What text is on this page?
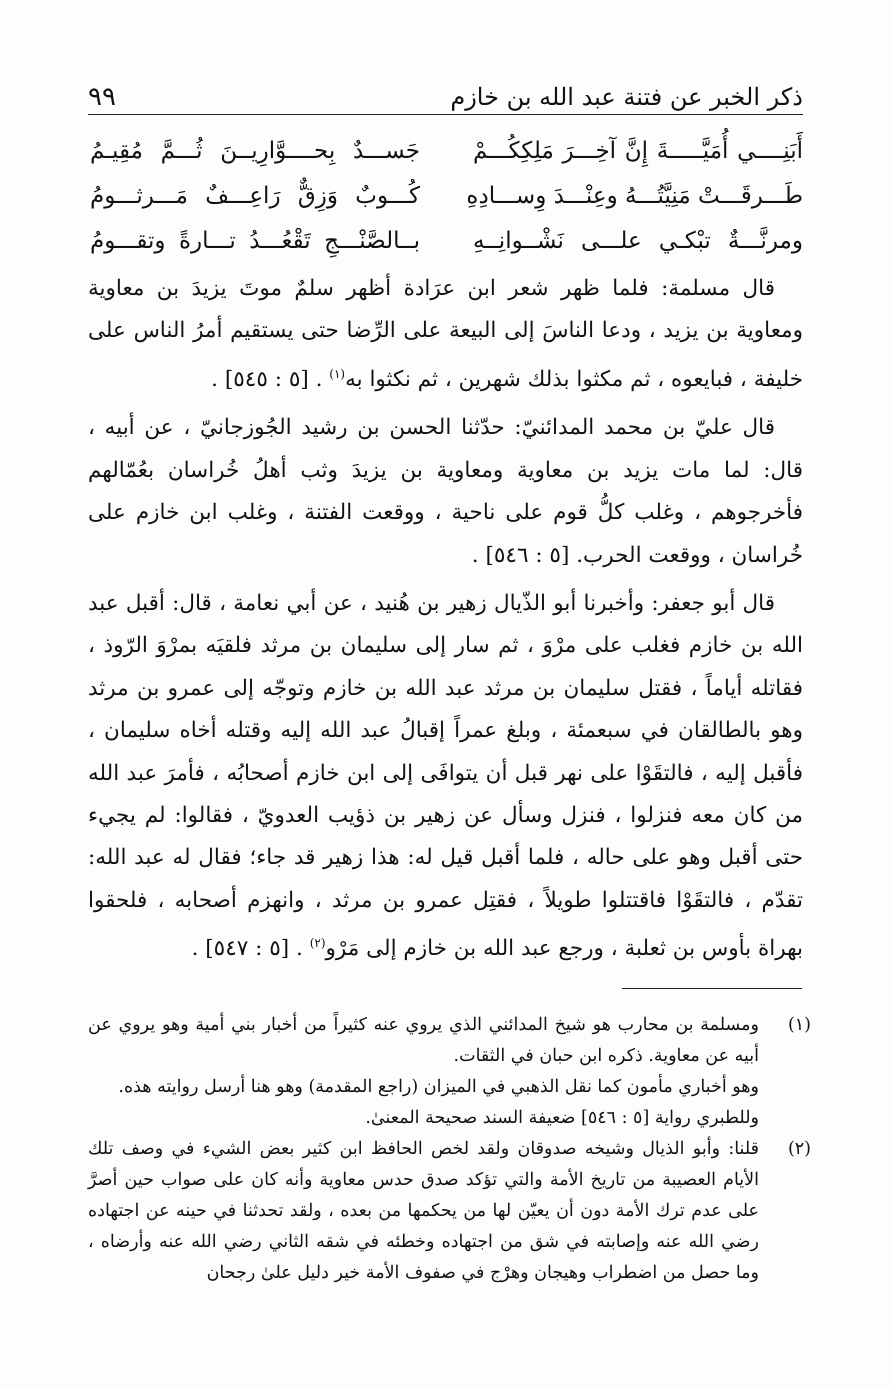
ذكر الخبر عن فتنة عبد الله بن خازم
٩٩
أَبَنِــــي أُمَيَّـــــةَ إِنَّ آخِـــرَ مَلِكِكُـــمْ
جَســـدٌ بِحــــوَّارِيــنَ ثُـــمَّ مُقِيـمُ
طَـــرقَـــتْ مَنِيَّتُـــهُ وعِنْـــدَ وِســـادِهِ
كُـــوبٌ وَزِقٌّ رَاعِـــفٌ مَـــرثـــومُ
ومرنَّـــةٌ تبْكـي علـــى نَشْــوانِــهِ
بــالصَّنْـــجِ تَقْعُـــدُ تـــارةً وتقـــومُ

قال مسلمة: فلما ظهر شعر ابن عرَادة أظهر سلمٌ موتَ يزيدَ بن معاوية ومعاوية بن يزيد ، ودعا الناسَ إلى البيعة على الرِّضا حتى يستقيم أمرُ الناس على خليفة ، فبايعوه ، ثم مكثوا بذلك شهرين ، ثم نكثوا به$^{(١)}$ . [٥ : ٥٤٥] .

قال عليّ بن محمد المدائنيّ: حدّثنا الحسن بن رشيد الجُوزجانيّ ، عن أبيه ، قال: لما مات يزيد بن معاوية ومعاوية بن يزيدَ وثب أهلُ خُراسان بعُمّالهم فأخرجوهم ، وغلب كلُّ قوم على ناحية ، ووقعت الفتنة ، وغلب ابن خازم على خُراسان ، ووقعت الحرب. [٥ : ٥٤٦] .

قال أبو جعفر: وأخبرنا أبو الذّيال زهير بن هُنيد ، عن أبي نعامة ، قال: أقبل عبد الله بن خازم فغلب على مرْوَ ، ثم سار إلى سليمان بن مرثد فلقيَه بمرْوَ الرّوذ ، فقاتله أياماً ، فقتل سليمان بن مرثد عبد الله بن خازم وتوجّه إلى عمرو بن مرثد وهو بالطالقان في سبعمئة ، وبلغ عمراً إقبالُ عبد الله إليه وقتله أخاه سليمان ، فأقبل إليه ، فالتقَوْا على نهر قبل أن يتوافَى إلى ابن خازم أصحابُه ، فأمرَ عبد الله من كان معه فنزلوا ، فنزل وسأل عن زهير بن ذؤيب العدويّ ، فقالوا: لم يجيء حتى أقبل وهو على حاله ، فلما أقبل قيل له: هذا زهير قد جاء؛ فقال له عبد الله: تقدّم ، فالتقَوْا فاقتتلوا طويلاً ، فقتِل عمرو بن مرثد ، وانهزم أصحابه ، فلحقوا بهراة بأوس بن ثعلبة ، ورجع عبد الله بن خازم إلى مَرْو$^{(٢)}$ . [٥ : ٥٤٧] .

(١)
ومسلمة بن محارب هو شيخ المدائني الذي يروي عنه كثيراً من أخبار بني أمية وهو يروي عن أبيه عن معاوية. ذكره ابن حبان في الثقات.
وهو أخباري مأمون كما نقل الذهبي في الميزان (راجع المقدمة) وهو هنا أرسل روايته هذه.
وللطبري رواية [٥ : ٥٤٦] ضعيفة السند صحيحة المعنىٰ.
(٢)
قلنا: وأبو الذيال وشيخه صدوقان ولقد لخص الحافظ ابن كثير بعض الشيء في وصف تلك الأيام العصيبة من تاريخ الأمة والتي تؤكد صدق حدس معاوية وأنه كان على صواب حين أصرَّ على عدم ترك الأمة دون أن يعيّن لها من يحكمها من بعده ، ولقد تحدثنا في حينه عن اجتهاده رضي الله عنه وإصابته في شق من اجتهاده وخطئه في شقه الثاني رضي الله عنه وأرضاه ، وما حصل من اضطراب وهيجان وهرْج في صفوف الأمة خير دليل علىٰ رجحان
